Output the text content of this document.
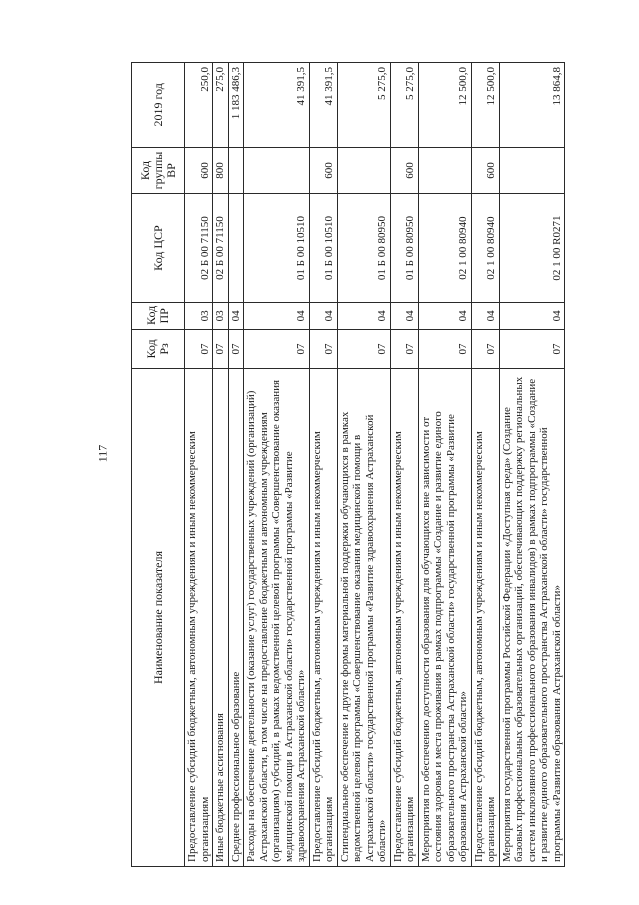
117
Наименование показателя	Код Рз	Код ПР	Код ЦСР	Код группы ВР	2019 год
Предоставление субсидий бюджетным, автономным учреждениям и иным некоммерческим организациям	07	03	02 Б 00 71150	600	250,0
Иные бюджетные ассигнования	07	03	02 Б 00 71150	800	275,0
Среднее профессиональное образование	07	04			1 183 486,3
Расходы на обеспечение деятельности (оказание услуг) государственных учреждений (организаций) Астраханской области, в том числе на предоставление бюджетным и автономным учреждениям (организациям) субсидий, в рамках ведомственной целевой программы «Совершенствование оказания медицинской помощи в Астраханской области» государственной программы «Развитие здравоохранения Астраханской области»	07	04	01 Б 00 10510		41 391,5
Предоставление субсидий бюджетным, автономным учреждениям и иным некоммерческим организациям	07	04	01 Б 00 10510	600	41 391,5
Стипендиальное обеспечение и другие формы материальной поддержки обучающихся в рамках ведомственной целевой программы «Совершенствование оказания медицинской помощи в Астраханской области» государственной программы «Развитие здравоохранения Астраханской области»	07	04	01 Б 00 80950		5 275,0
Предоставление субсидий бюджетным, автономным учреждениям и иным некоммерческим организациям	07	04	01 Б 00 80950	600	5 275,0
Мероприятия по обеспечению доступности образования для обучающихся вне зависимости от состояния здоровья и места проживания в рамках подпрограммы «Создание и развитие единого образовательного пространства Астраханской области» государственной программы «Развитие образования Астраханской области»	07	04	02 1 00 80940		12 500,0
Предоставление субсидий бюджетным, автономным учреждениям и иным некоммерческим организациям	07	04	02 1 00 80940	600	12 500,0
Мероприятия государственной программы Российской Федерации «Доступная среда» (Создание базовых профессиональных образовательных организаций, обеспечивающих поддержку региональных систем инклюзивного профессионального образования инвалидов) в рамках подпрограммы «Создание и развитие единого образовательного пространства Астраханской области» государственной программы «Развитие образования Астраханской области»	07	04	02 1 00 R0271		13 864,8
